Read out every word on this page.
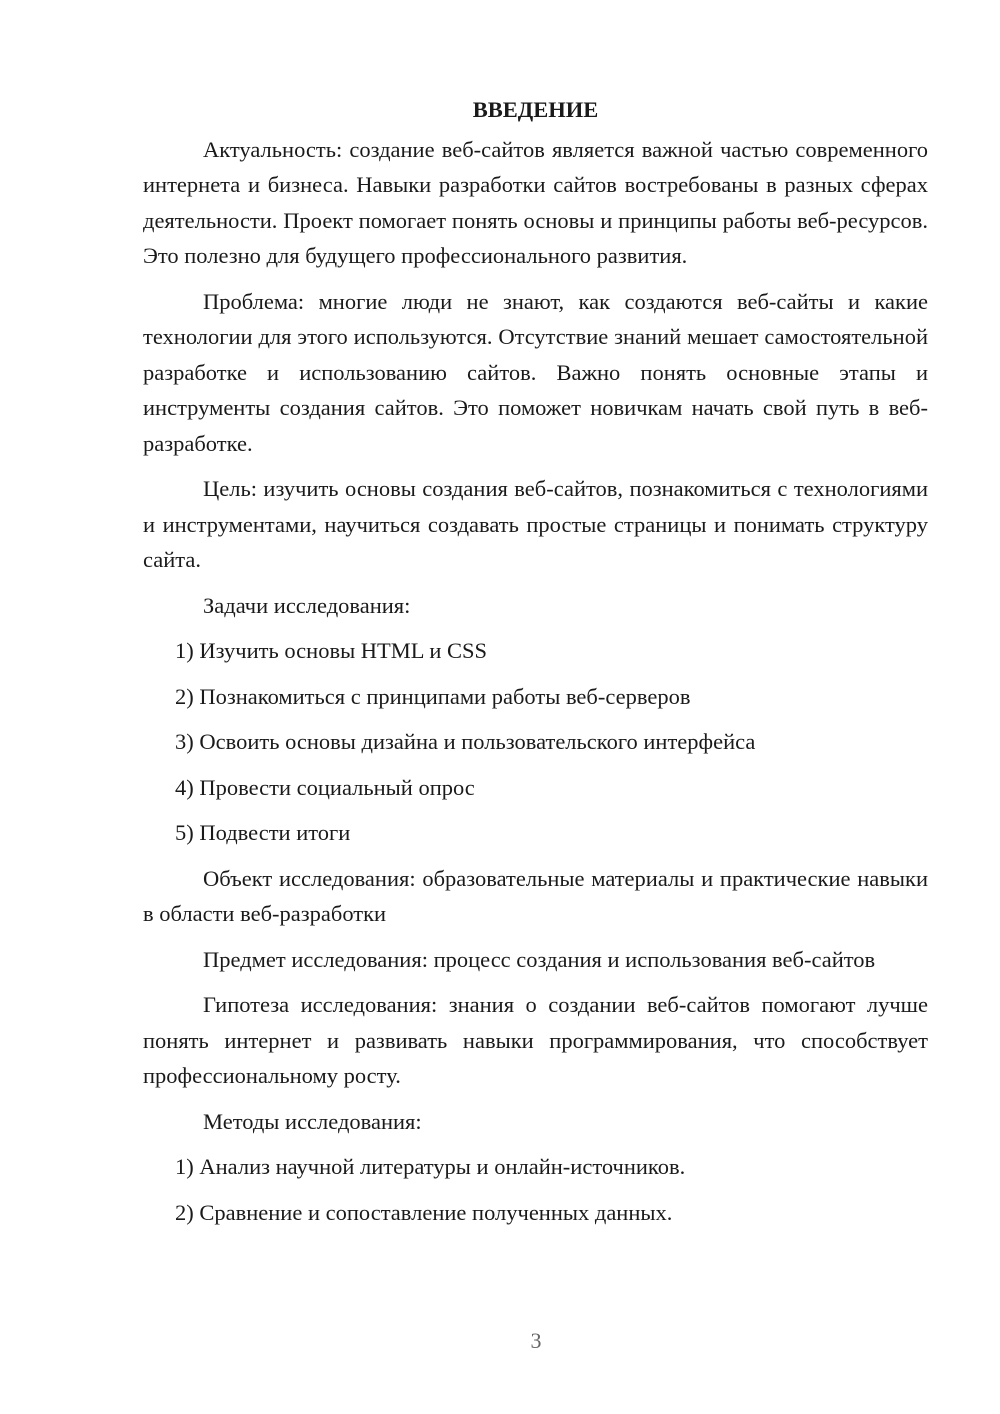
ВВЕДЕНИЕ

Актуальность: создание веб-сайтов является важной частью современного интернета и бизнеса. Навыки разработки сайтов востребованы в разных сферах деятельности. Проект помогает понять основы и принципы работы веб-ресурсов. Это полезно для будущего профессионального развития.

Проблема: многие люди не знают, как создаются веб-сайты и какие технологии для этого используются. Отсутствие знаний мешает самостоятельной разработке и использованию сайтов. Важно понять основные этапы и инструменты создания сайтов. Это поможет новичкам начать свой путь в веб-разработке.

Цель: изучить основы создания веб-сайтов, познакомиться с технологиями и инструментами, научиться создавать простые страницы и понимать структуру сайта.

Задачи исследования:

1) Изучить основы HTML и CSS

2) Познакомиться с принципами работы веб-серверов

3) Освоить основы дизайна и пользовательского интерфейса

4) Провести социальный опрос

5) Подвести итоги

Объект исследования: образовательные материалы и практические навыки в области веб-разработки

Предмет исследования: процесс создания и использования веб-сайтов

Гипотеза исследования: знания о создании веб-сайтов помогают лучше понять интернет и развивать навыки программирования, что способствует профессиональному росту.

Методы исследования:

1) Анализ научной литературы и онлайн-источников.

2) Сравнение и сопоставление полученных данных.

3
